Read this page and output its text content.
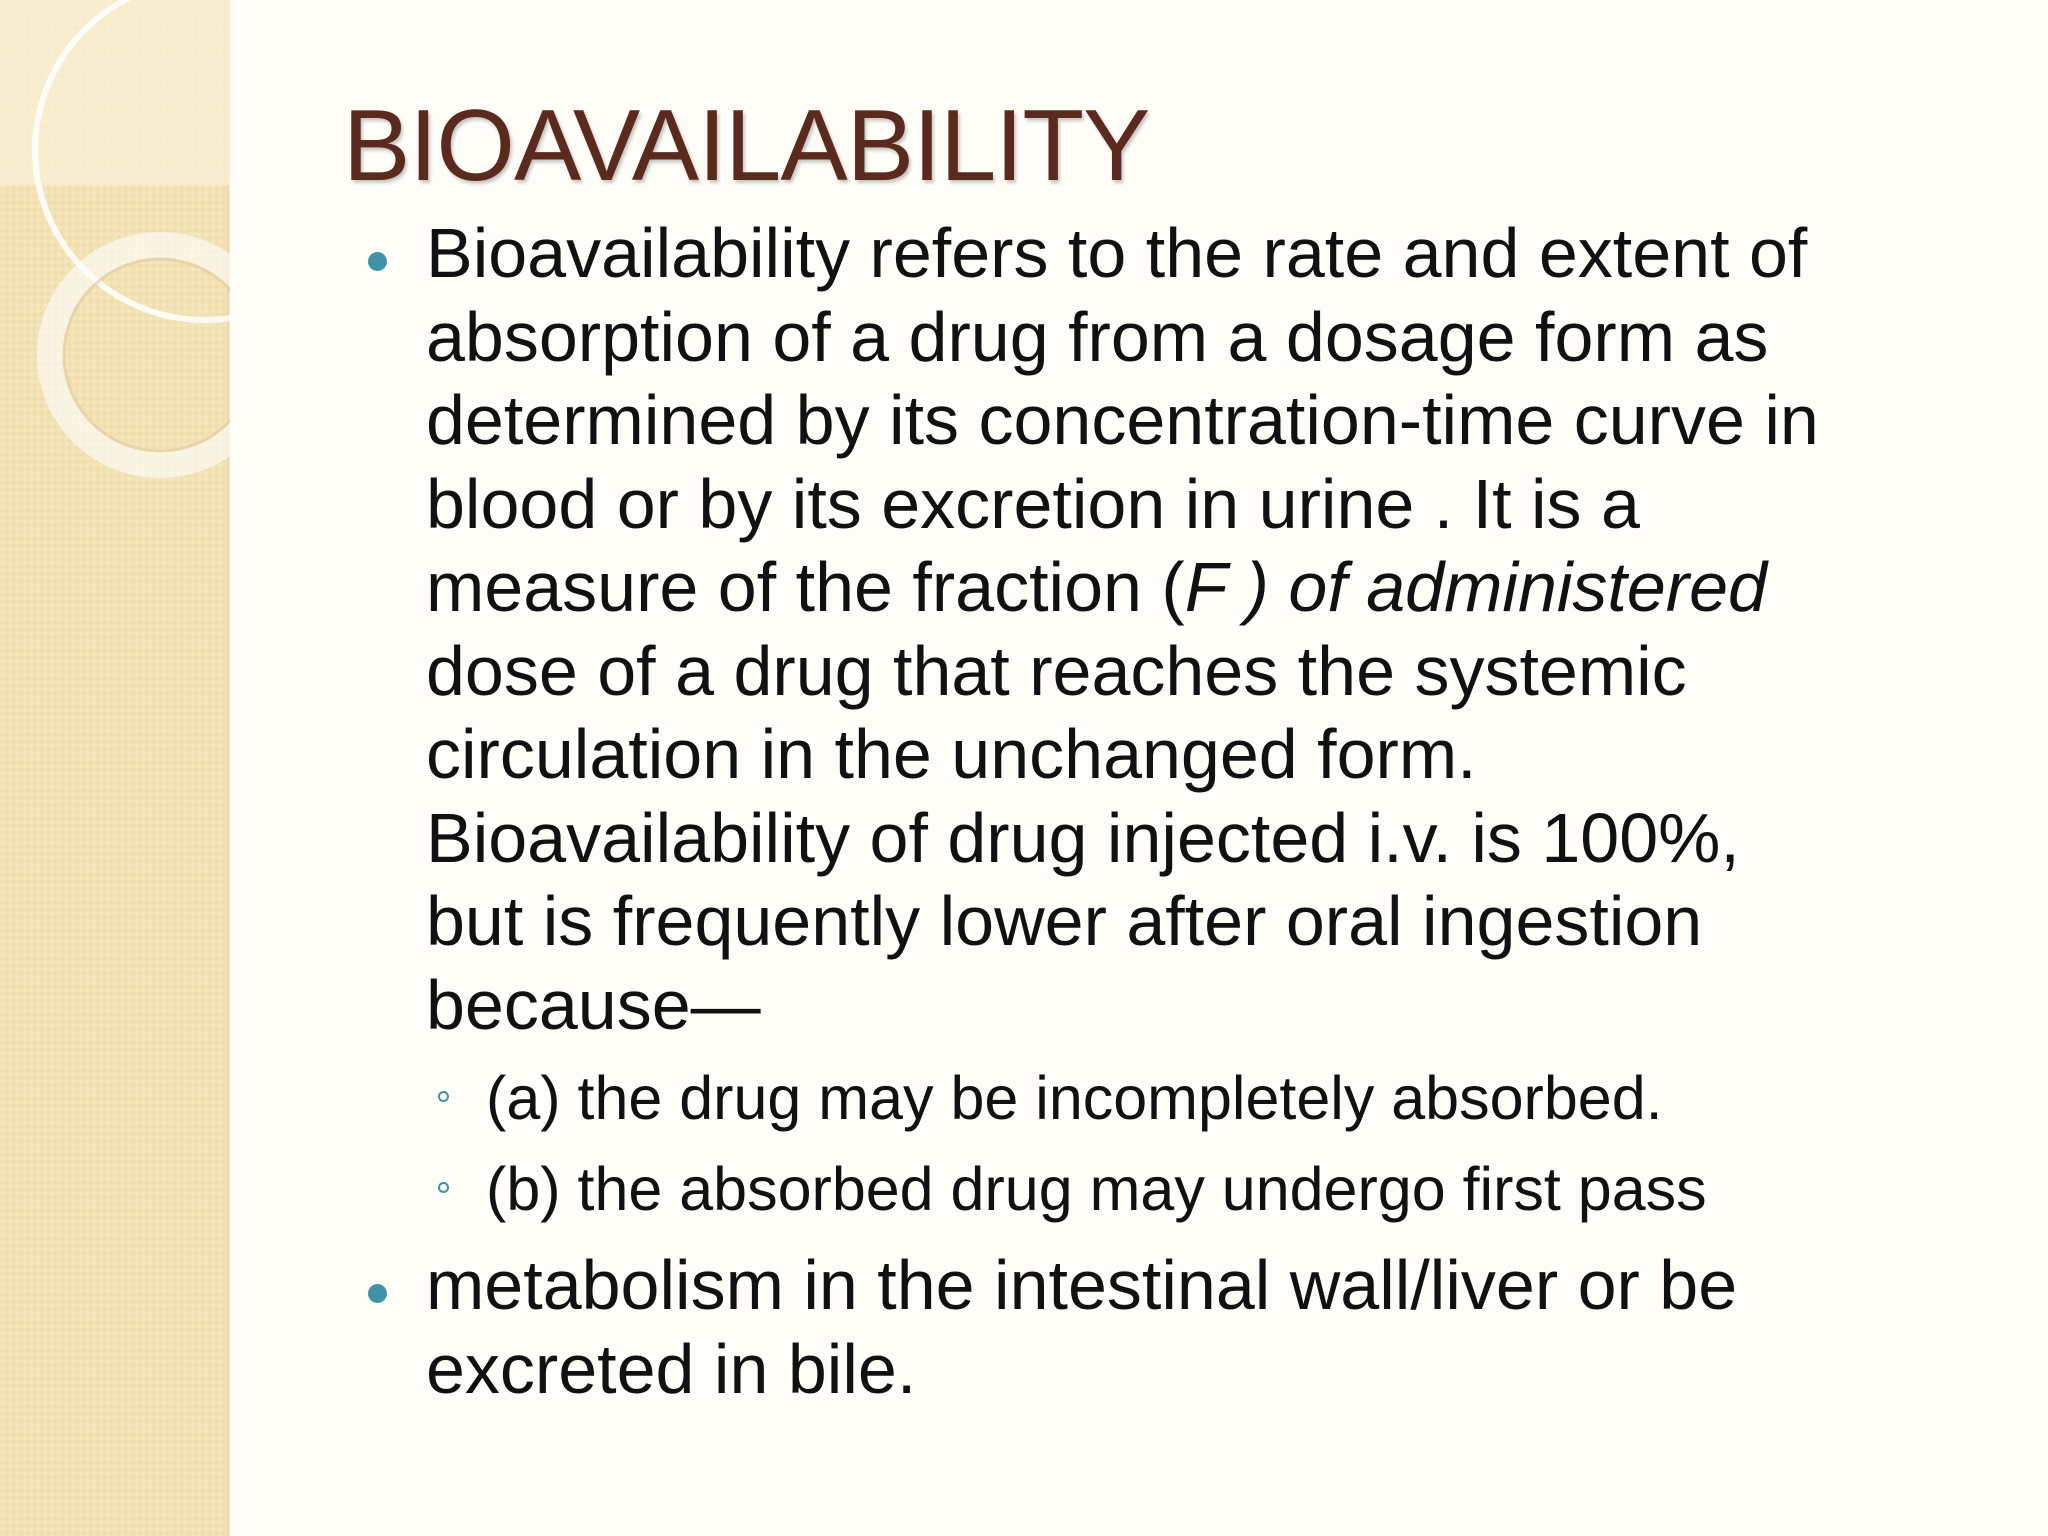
BIOAVAILABILITY
Bioavailability refers to the rate and extent of
absorption of a drug from a dosage form as
determined by its concentration-time curve in
blood or by its excretion in urine . It is a
measure of the fraction (F ) of administered
dose of a drug that reaches the systemic
circulation in the unchanged form.
Bioavailability of drug injected i.v. is 100%,
but is frequently lower after oral ingestion
because—
(a) the drug may be incompletely absorbed.
(b) the absorbed drug may undergo first pass
metabolism in the intestinal wall/liver or be
excreted in bile.
